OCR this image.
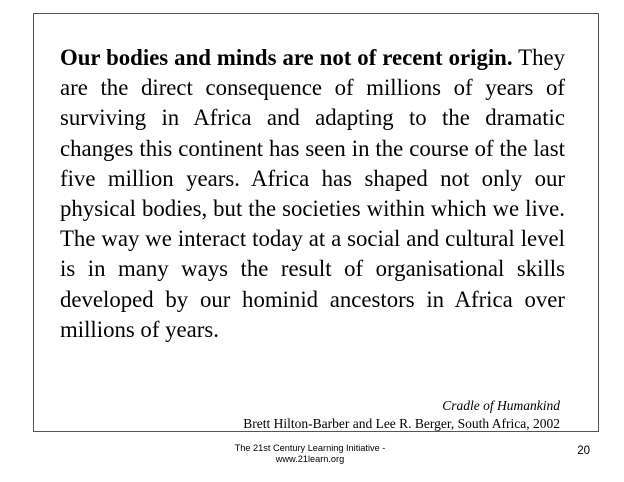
Our bodies and minds are not of recent origin. They are the direct consequence of millions of years of surviving in Africa and adapting to the dramatic changes this continent has seen in the course of the last five million years. Africa has shaped not only our physical bodies, but the societies within which we live. The way we interact today at a social and cultural level is in many ways the result of organisational skills developed by our hominid ancestors in Africa over millions of years.

Cradle of Humankind

Brett Hilton-Barber and Lee R. Berger, South Africa, 2002

The 21st Century Learning Initiative -
www.21learn.org
20
